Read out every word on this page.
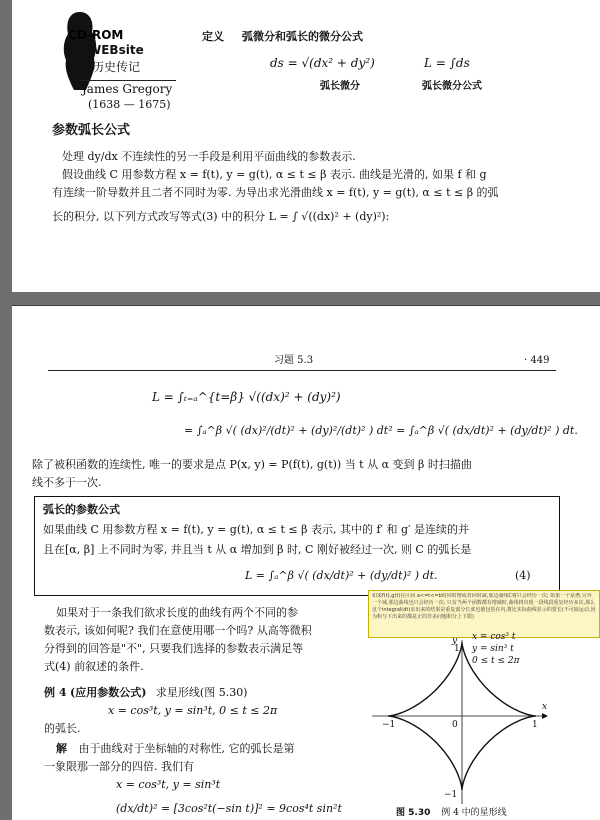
CD-ROM
WEBsite
历史传记
James Gregory
(1638 — 1675)
定义 弧微分和弧长的微分公式
ds = √(dx² + dy²)	L = ∫ds
弧长微分	弧长微分公式
参数弧长公式
处理 dy/dx 不连续性的另一手段是利用平面曲线的参数表示.
假设曲线 C 用参数方程 x = f(t), y = g(t), α ≤ t ≤ β 表示. 曲线是光滑的, 如果 f 和 g
有连续一阶导数并且二者不同时为零. 为导出求光滑曲线 x = f(t), y = g(t), α ≤ t ≤ β 的弧
长的积分, 以下列方式改写等式(3) 中的积分 L = ∫ √((dx)² + (dy)²):
习题 5.3	· 449
L = ∫ₜ₌ₐ^{t=β} √((dx)² + (dy)²)
= ∫ₐ^β √( (dx)²/(dt)² + (dy)²/(dt)² ) dt² = ∫ₐ^β √( (dx/dt)² + (dy/dt)² ) dt.
除了被积函数的连续性, 唯一的要求是点 P(x, y) = P(f(t), g(t)) 当 t 从 α 变到 β 时扫描曲
线不多于一次.
弧长的参数公式
如果曲线 C 用参数方程 x = f(t), y = g(t), α ≤ t ≤ β 表示, 其中的 f′ 和 g′ 是连续的并
且在[α, β] 上不同时为零, 并且当 t 从 α 增加到 β 时, C 刚好被经过一次, 则 C 的弧长是
L = ∫ₐ^β √( (dx/dt)² + (dy/dt)² ) dt.	(4)
如果对于一条我们欲求长度的曲线有两个不同的参
数表示, 该如何呢? 我们在意使用哪一个吗? 从高等微积
分得到的回答是"不", 只要我们选择的参数表示满足等
式(4) 前叙述的条件.
例 4 (应用参数公式) 求星形线(图 5.30)
x = cos³t, y = sin³t, 0 ≤ t ≤ 2π
的弧长.
解 由于曲线对于坐标轴的对称性, 它的弧长是第
一象限那一部分的四倍. 我们有
x = cos³t, y = sin³t
(dx/dt)² = [3cos²t(−sin t)]² = 9cos⁴t sin²t
如果f(t),g(t)在区间 a<=t<=b时同时增或者同时减,那边曲线C将只会经历一次; 如果一个是增,另外一个减,那边曲线也只会经历一次; 只有当两个函数都有增减时,曲线将出现一段线段重复经历多次,那么这个integral(dt)求出来的结果是重复部分长度也被包括在内,将比实际曲线显示的要长(不可取运动,因为积与下出来的都是正的非多问题积分上下限)
x = cos³ t
y = sin³ t
0 ≤ t ≤ 2π
x
y
−1	0	1
1
−1
图 5.30 例 4 中的星形线
